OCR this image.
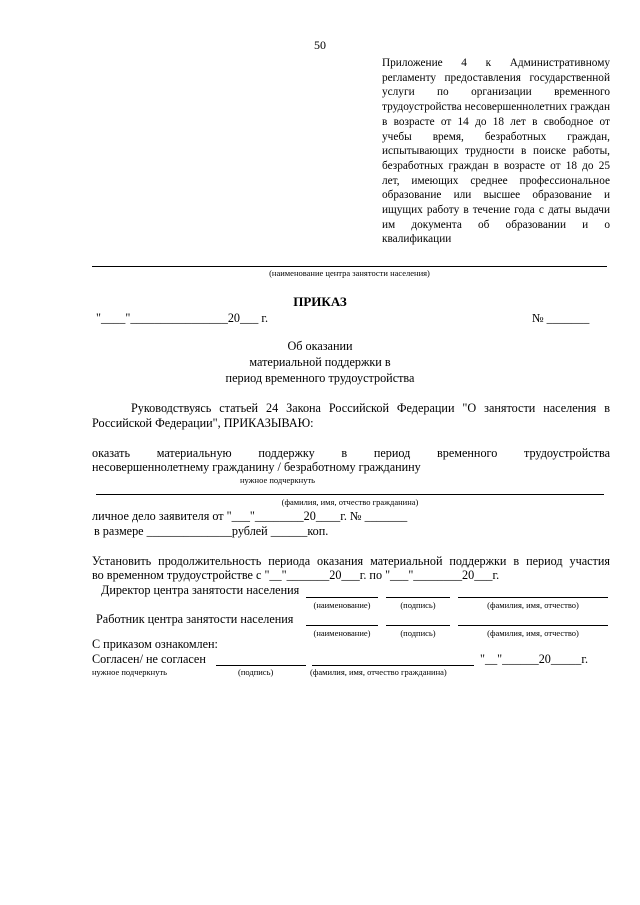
50
Приложение 4 к Административному регламенту предоставления государственной услуги по организации временного трудоустройства несовершеннолетних граждан в возрасте от 14 до 18 лет в свободное от учебы время, безработных граждан, испытывающих трудности в поиске работы, безработных граждан в возрасте от 18 до 25 лет, имеющих среднее профессиональное образование или высшее образование и ищущих работу в течение года с даты выдачи им документа об образовании и о квалификации
(наименование центра занятости населения)
ПРИКАЗ
"____"________________20___ г.	№ _______
Об оказании
материальной поддержки в
период временного трудоустройства
Руководствуясь статьей 24 Закона Российской Федерации "О занятости населения в
Российской Федерации", ПРИКАЗЫВАЮ:
оказать материальную поддержку в период временного трудоустройства
несовершеннолетнему гражданину / безработному гражданину
нужное подчеркнуть
(фамилия, имя, отчество гражданина)
личное дело заявителя от "___"________20____г. № _______
в размере ______________рублей ______коп.
Установить продолжительность периода оказания материальной поддержки в период участия
во временном трудоустройстве с "__"_______20___г. по "___"________20___г.
Директор центра занятости населения
(наименование)	(подпись)	(фамилия, имя, отчество)
Работник центра занятости населения
(наименование)	(подпись)	(фамилия, имя, отчество)
С приказом ознакомлен:
Согласен/ не согласен	"__"______20_____г.
нужное подчеркнуть	(подпись)	(фамилия, имя, отчество гражданина)
